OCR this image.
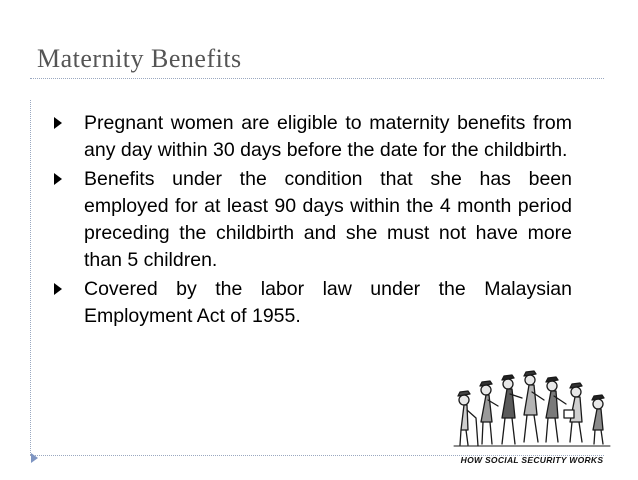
Maternity Benefits
Pregnant women are eligible to maternity benefits from any day within 30 days before the date for the childbirth.
Benefits under the condition that she has been employed for at least 90 days within the 4 month period preceding the childbirth and she must not have more than 5 children.
Covered by the labor law under the Malaysian Employment Act of 1955.
HOW SOCIAL SECURITY WORKS
